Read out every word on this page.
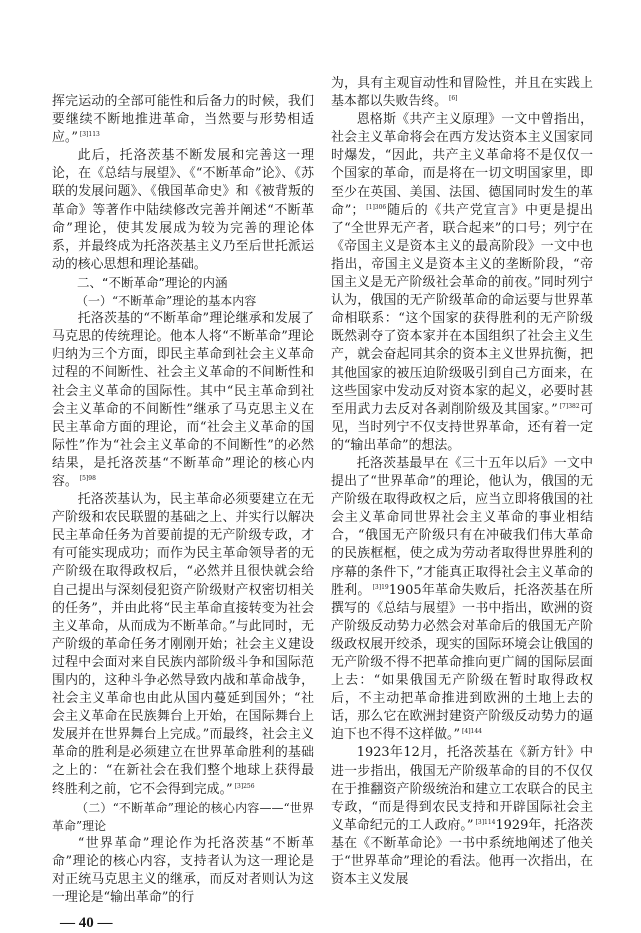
挥完运动的全部可能性和后备力的时候，我们要继续不断地推进革命，当然要与形势相适应。” $^{[3]113}$

此后，托洛茨基不断发展和完善这一理论，在《总结与展望》、《“不断革命”论》、《苏联的发展问题》、《俄国革命史》和《被背叛的革命》等著作中陆续修改完善并阐述“不断革命”理论，使其发展成为较为完善的理论体系，并最终成为托洛茨基主义乃至后世托派运动的核心思想和理论基础。

二、“不断革命”理论的内涵

（一）“不断革命”理论的基本内容

托洛茨基的“不断革命”理论继承和发展了马克思的传统理论。他本人将“不断革命”理论归纳为三个方面，即民主革命到社会主义革命过程的不间断性、社会主义革命的不间断性和社会主义革命的国际性。其中“民主革命到社会主义革命的不间断性”继承了马克思主义在民主革命方面的理论，而“社会主义革命的国际性”作为“社会主义革命的不间断性”的必然结果，是托洛茨基“不断革命”理论的核心内容。 $^{[5]98}$

托洛茨基认为，民主革命必须要建立在无产阶级和农民联盟的基础之上、并实行以解决民主革命任务为首要前提的无产阶级专政，才有可能实现成功；而作为民主革命领导者的无产阶级在取得政权后，“必然并且很快就会给自己提出与深刻侵犯资产阶级财产权密切相关的任务”，并由此将“民主革命直接转变为社会主义革命，从而成为不断革命。”与此同时，无产阶级的革命任务才刚刚开始；社会主义建设过程中会面对来自民族内部阶级斗争和国际范围内的，这种斗争必然导致内战和革命战争，社会主义革命也由此从国内蔓延到国外；“社会主义革命在民族舞台上开始，在国际舞台上发展并在世界舞台上完成。”而最终，社会主义革命的胜利是必须建立在世界革命胜利的基础之上的：“在新社会在我们整个地球上获得最终胜利之前，它不会得到完成。” $^{[3]256}$

（二）“不断革命”理论的核心内容——“世界革命”理论

“世界革命”理论作为托洛茨基“不断革命”理论的核心内容，支持者认为这一理论是对正统马克思主义的继承，而反对者则认为这一理论是“输出革命”的行

— 40 —

为，具有主观盲动性和冒险性，并且在实践上基本都以失败告终。 [6]

恩格斯《共产主义原理》一文中曾指出，社会主义革命将会在西方发达资本主义国家同时爆发，“因此，共产主义革命将不是仅仅一个国家的革命，而是将在一切文明国家里，即至少在英国、美国、法国、德国同时发生的革命”； $^{[1]306}$随后的《共产党宣言》中更是提出了“全世界无产者，联合起来”的口号；列宁在《帝国主义是资本主义的最高阶段》一文中也指出，帝国主义是资本主义的垄断阶段，“帝国主义是无产阶级社会革命的前夜。”同时列宁认为，俄国的无产阶级革命的命运要与世界革命相联系：“这个国家的获得胜利的无产阶级既然剥夺了资本家并在本国组织了社会主义生产，就会奋起同其余的资本主义世界抗衡，把其他国家的被压迫阶级吸引到自己方面来，在这些国家中发动反对资本家的起义，必要时甚至用武力去反对各剥削阶级及其国家。” $^{[7]382}$可见，当时列宁不仅支持世界革命，还有着一定的“输出革命”的想法。

托洛茨基最早在《三十五年以后》一文中提出了“世界革命”的理论，他认为，俄国的无产阶级在取得政权之后，应当立即将俄国的社会主义革命同世界社会主义革命的事业相结合，“俄国无产阶级只有在冲破我们伟大革命的民族框框，使之成为劳动者取得世界胜利的序幕的条件下，”才能真正取得社会主义革命的胜利。 $^{[3]19}$1905年革命失败后，托洛茨基在所撰写的《总结与展望》一书中指出，欧洲的资产阶级反动势力必然会对革命后的俄国无产阶级政权展开绞杀，现实的国际环境会让俄国的无产阶级不得不把革命推向更广阔的国际层面上去：“如果俄国无产阶级在暂时取得政权后，不主动把革命推进到欧洲的土地上去的话，那么它在欧洲封建资产阶级反动势力的逼迫下也不得不这样做。” $^{[4]144}$

1923年12月，托洛茨基在《新方针》中进一步指出，俄国无产阶级革命的目的不仅仅在于推翻资产阶级统治和建立工农联合的民主专政，“而是得到农民支持和开辟国际社会主义革命纪元的工人政府。” $^{[3]114}$1929年，托洛茨基在《不断革命论》一书中系统地阐述了他关于“世界革命”理论的看法。他再一次指出，在资本主义发展
